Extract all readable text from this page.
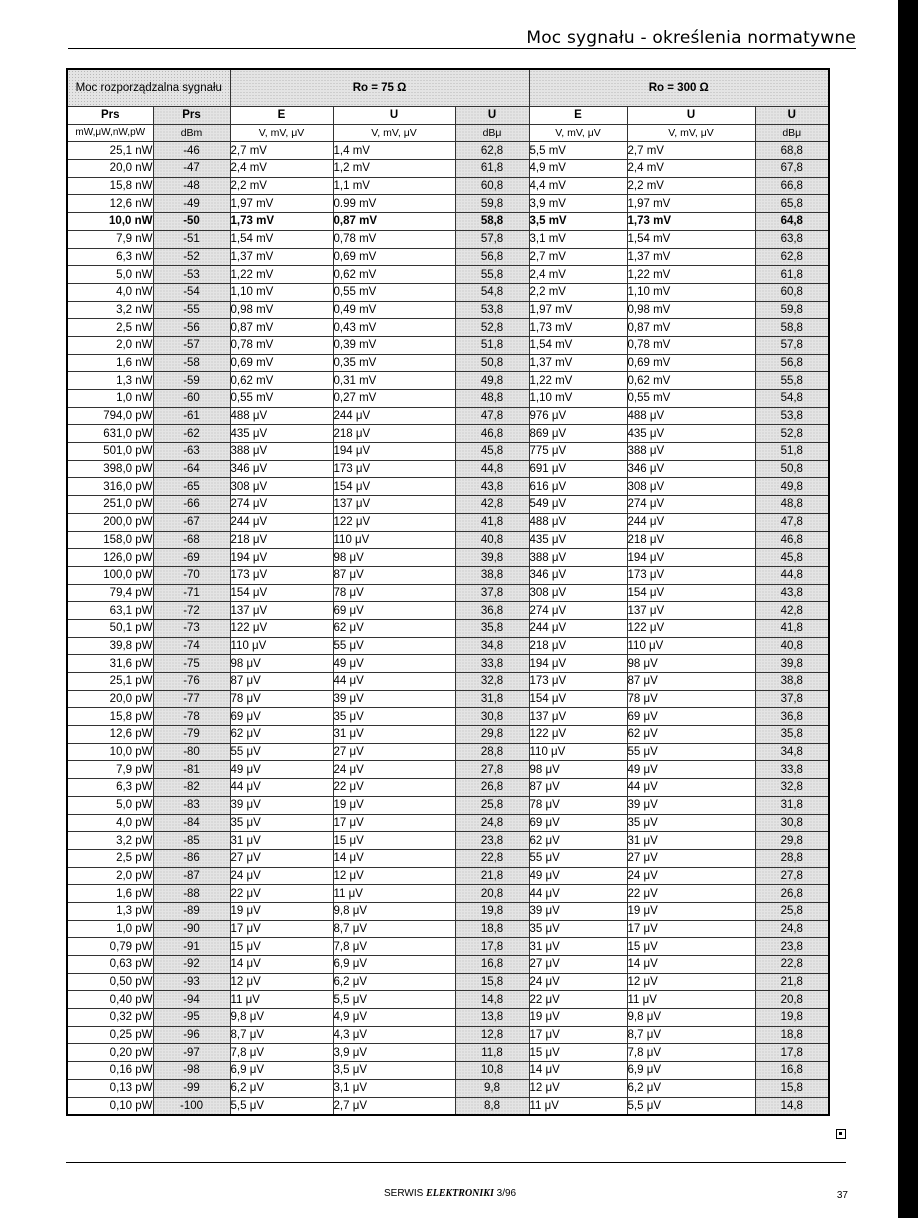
Moc sygnału - określenia normatywne
Moc rozporządzalna sygnału		Ro = 75 Ω			Ro = 300 Ω		
Prs	Prs	E	U	U	E	U	U
mW,μW,nW,pW	dBm	V, mV, μV	V, mV, μV	dBμ	V, mV, μV	V, mV, μV	dBμ
25,1 nW	-46	2,7 mV	1,4 mV	62,8	5,5 mV	2,7 mV	68,8
20,0 nW	-47	2,4 mV	1,2 mV	61,8	4,9 mV	2,4 mV	67,8
15,8 nW	-48	2,2 mV	1,1 mV	60,8	4,4 mV	2,2 mV	66,8
12,6 nW	-49	1,97 mV	0.99 mV	59,8	3,9 mV	1,97 mV	65,8
10,0 nW	-50	1,73 mV	0,87 mV	58,8	3,5 mV	1,73 mV	64,8
7,9 nW	-51	1,54 mV	0,78 mV	57,8	3,1 mV	1,54 mV	63,8
6,3 nW	-52	1,37 mV	0,69 mV	56,8	2,7 mV	1,37 mV	62,8
5,0 nW	-53	1,22 mV	0,62 mV	55,8	2,4 mV	1,22 mV	61,8
4,0 nW	-54	1,10 mV	0,55 mV	54,8	2,2 mV	1,10 mV	60,8
3,2 nW	-55	0,98 mV	0,49 mV	53,8	1,97 mV	0,98 mV	59,8
2,5 nW	-56	0,87 mV	0,43 mV	52,8	1,73 mV	0,87 mV	58,8
2,0 nW	-57	0,78 mV	0,39 mV	51,8	1,54 mV	0,78 mV	57,8
1,6 nW	-58	0,69 mV	0,35 mV	50,8	1,37 mV	0,69 mV	56,8
1,3 nW	-59	0,62 mV	0,31 mV	49,8	1,22 mV	0,62 mV	55,8
1,0 nW	-60	0,55 mV	0,27 mV	48,8	1,10 mV	0,55 mV	54,8
794,0 pW	-61	488 μV	244 μV	47,8	976 μV	488 μV	53,8
631,0 pW	-62	435 μV	218 μV	46,8	869 μV	435 μV	52,8
501,0 pW	-63	388 μV	194 μV	45,8	775 μV	388 μV	51,8
398,0 pW	-64	346 μV	173 μV	44,8	691 μV	346 μV	50,8
316,0 pW	-65	308 μV	154 μV	43,8	616 μV	308 μV	49,8
251,0 pW	-66	274 μV	137 μV	42,8	549 μV	274 μV	48,8
200,0 pW	-67	244 μV	122 μV	41,8	488 μV	244 μV	47,8
158,0 pW	-68	218 μV	110 μV	40,8	435 μV	218 μV	46,8
126,0 pW	-69	194 μV	98 μV	39,8	388 μV	194 μV	45,8
100,0 pW	-70	173 μV	87 μV	38,8	346 μV	173 μV	44,8
79,4 pW	-71	154 μV	78 μV	37,8	308 μV	154 μV	43,8
63,1 pW	-72	137 μV	69 μV	36,8	274 μV	137 μV	42,8
50,1 pW	-73	122 μV	62 μV	35,8	244 μV	122 μV	41,8
39,8 pW	-74	110 μV	55 μV	34,8	218 μV	110 μV	40,8
31,6 pW	-75	98 μV	49 μV	33,8	194 μV	98 μV	39,8
25,1 pW	-76	87 μV	44 μV	32,8	173 μV	87 μV	38,8
20,0 pW	-77	78 μV	39 μV	31,8	154 μV	78 μV	37,8
15,8 pW	-78	69 μV	35 μV	30,8	137 μV	69 μV	36,8
12,6 pW	-79	62 μV	31 μV	29,8	122 μV	62 μV	35,8
10,0 pW	-80	55 μV	27 μV	28,8	110 μV	55 μV	34,8
7,9 pW	-81	49 μV	24 μV	27,8	98 μV	49 μV	33,8
6,3 pW	-82	44 μV	22 μV	26,8	87 μV	44 μV	32,8
5,0 pW	-83	39 μV	19 μV	25,8	78 μV	39 μV	31,8
4,0 pW	-84	35 μV	17 μV	24,8	69 μV	35 μV	30,8
3,2 pW	-85	31 μV	15 μV	23,8	62 μV	31 μV	29,8
2,5 pW	-86	27 μV	14 μV	22,8	55 μV	27 μV	28,8
2,0 pW	-87	24 μV	12 μV	21,8	49 μV	24 μV	27,8
1,6 pW	-88	22 μV	11 μV	20,8	44 μV	22 μV	26,8
1,3 pW	-89	19 μV	9,8 μV	19,8	39 μV	19 μV	25,8
1,0 pW	-90	17 μV	8,7 μV	18,8	35 μV	17 μV	24,8
0,79 pW	-91	15 μV	7,8 μV	17,8	31 μV	15 μV	23,8
0,63 pW	-92	14 μV	6,9 μV	16,8	27 μV	14 μV	22,8
0,50 pW	-93	12 μV	6,2 μV	15,8	24 μV	12 μV	21,8
0,40 pW	-94	11 μV	5,5 μV	14,8	22 μV	11 μV	20,8
0,32 pW	-95	9,8 μV	4,9 μV	13,8	19 μV	9,8 μV	19,8
0,25 pW	-96	8,7 μV	4,3 μV	12,8	17 μV	8,7 μV	18,8
0,20 pW	-97	7,8 μV	3,9 μV	11,8	15 μV	7,8 μV	17,8
0,16 pW	-98	6,9 μV	3,5 μV	10,8	14 μV	6,9 μV	16,8
0,13 pW	-99	6,2 μV	3,1 μV	9,8	12 μV	6,2 μV	15,8
0,10 pW	-100	5,5 μV	2,7 μV	8,8	11 μV	5,5 μV	14,8
SERWIS ELEKTRONIKI 3/96	37
